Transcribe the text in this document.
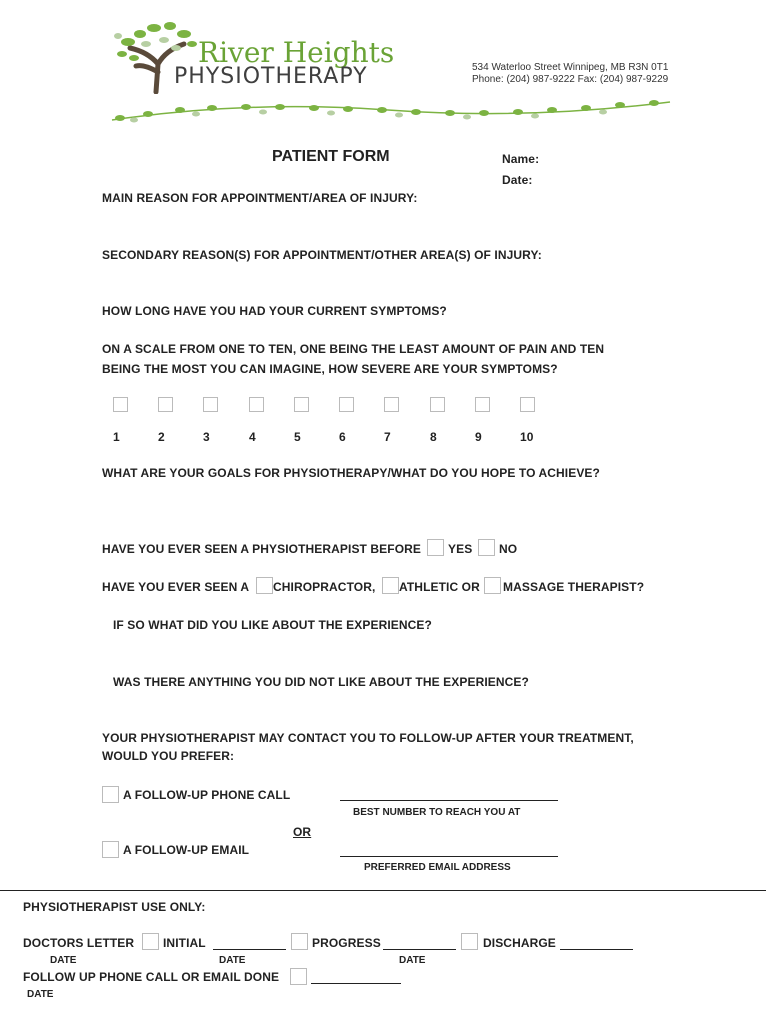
River Heights
PHYSIOTHERAPY	534 Waterloo Street Winnipeg, MB R3N 0T1
Phone: (204) 987-9222 Fax: (204) 987-9229
PATIENT FORM	Name:
Date:
MAIN REASON FOR APPOINTMENT/AREA OF INJURY:
SECONDARY REASON(S) FOR APPOINTMENT/OTHER AREA(S) OF INJURY:
HOW LONG HAVE YOU HAD YOUR CURRENT SYMPTOMS?
ON A SCALE FROM ONE TO TEN, ONE BEING THE LEAST AMOUNT OF PAIN AND TEN
BEING THE MOST YOU CAN IMAGINE, HOW SEVERE ARE YOUR SYMPTOMS?
1	2	3	4	5	6	7	8	9	10
WHAT ARE YOUR GOALS FOR PHYSIOTHERAPY/WHAT DO YOU HOPE TO ACHIEVE?
HAVE YOU EVER SEEN A PHYSIOTHERAPIST BEFORE YES NO
HAVE YOU EVER SEEN A CHIROPRACTOR, ATHLETIC OR MASSAGE THERAPIST?
IF SO WHAT DID YOU LIKE ABOUT THE EXPERIENCE?
WAS THERE ANYTHING YOU DID NOT LIKE ABOUT THE EXPERIENCE?
YOUR PHYSIOTHERAPIST MAY CONTACT YOU TO FOLLOW-UP AFTER YOUR TREATMENT,
WOULD YOU PREFER:
A FOLLOW-UP PHONE CALL
BEST NUMBER TO REACH YOU AT
OR
A FOLLOW-UP EMAIL
PREFERRED EMAIL ADDRESS
PHYSIOTHERAPIST USE ONLY:
DOCTORS LETTER INITIAL	PROGRESS	DISCHARGE
DATE	DATE	DATE
FOLLOW UP PHONE CALL OR EMAIL DONE
DATE
